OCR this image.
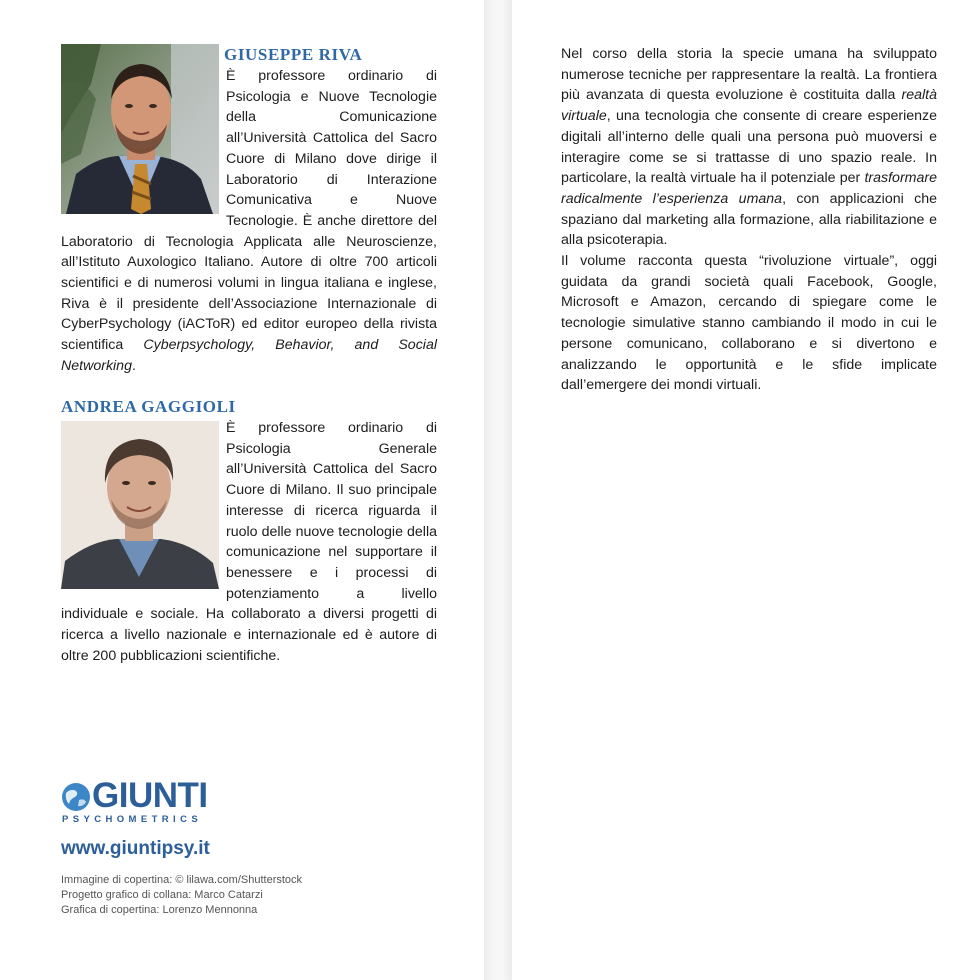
GIUSEPPE RIVA

È professore ordinario di Psicologia e Nuove Tecnologie della Comunicazione all’Università Cattolica del Sacro Cuore di Milano dove dirige il Laboratorio di Interazione Comunicativa e Nuove Tecnologie. È anche direttore del Laboratorio di Tecnologia Applicata alle Neuroscienze, all’Istituto Auxologico Italiano. Autore di oltre 700 articoli scientifici e di numerosi volumi in lingua italiana e inglese, Riva è il presidente dell’Associazione Internazionale di CyberPsychology (iACToR) ed editor europeo della rivista scientifica Cyberpsychology, Behavior, and Social Networking.

ANDREA GAGGIOLI

È professore ordinario di Psicologia Generale all’Università Cattolica del Sacro Cuore di Milano. Il suo principale interesse di ricerca riguarda il ruolo delle nuove tecnologie della comunicazione nel supportare il benessere e i processi di potenziamento a livello individuale e sociale. Ha collaborato a diversi progetti di ricerca a livello nazionale e internazionale ed è autore di oltre 200 pubblicazioni scientifiche.

GIUNTI
PSYCHOMETRICS
www.giuntipsy.it
Immagine di copertina: © lilawa.com/Shutterstock
Progetto grafico di collana: Marco Catarzi
Grafica di copertina: Lorenzo Mennonna

Nel corso della storia la specie umana ha sviluppato numerose tecniche per rappresentare la realtà. La frontiera più avanzata di questa evoluzione è costituita dalla realtà virtuale, una tecnologia che consente di creare esperienze digitali all’interno delle quali una persona può muoversi e interagire come se si trattasse di uno spazio reale. In particolare, la realtà virtuale ha il potenziale per trasformare radicalmente l’esperienza umana, con applicazioni che spaziano dal marketing alla formazione, alla riabilitazione e alla psicoterapia.

Il volume racconta questa “rivoluzione virtuale”, oggi guidata da grandi società quali Facebook, Google, Microsoft e Amazon, cercando di spiegare come le tecnologie simulative stanno cambiando il modo in cui le persone comunicano, collaborano e si divertono e analizzando le opportunità e le sfide implicate dall’emergere dei mondi virtuali.
